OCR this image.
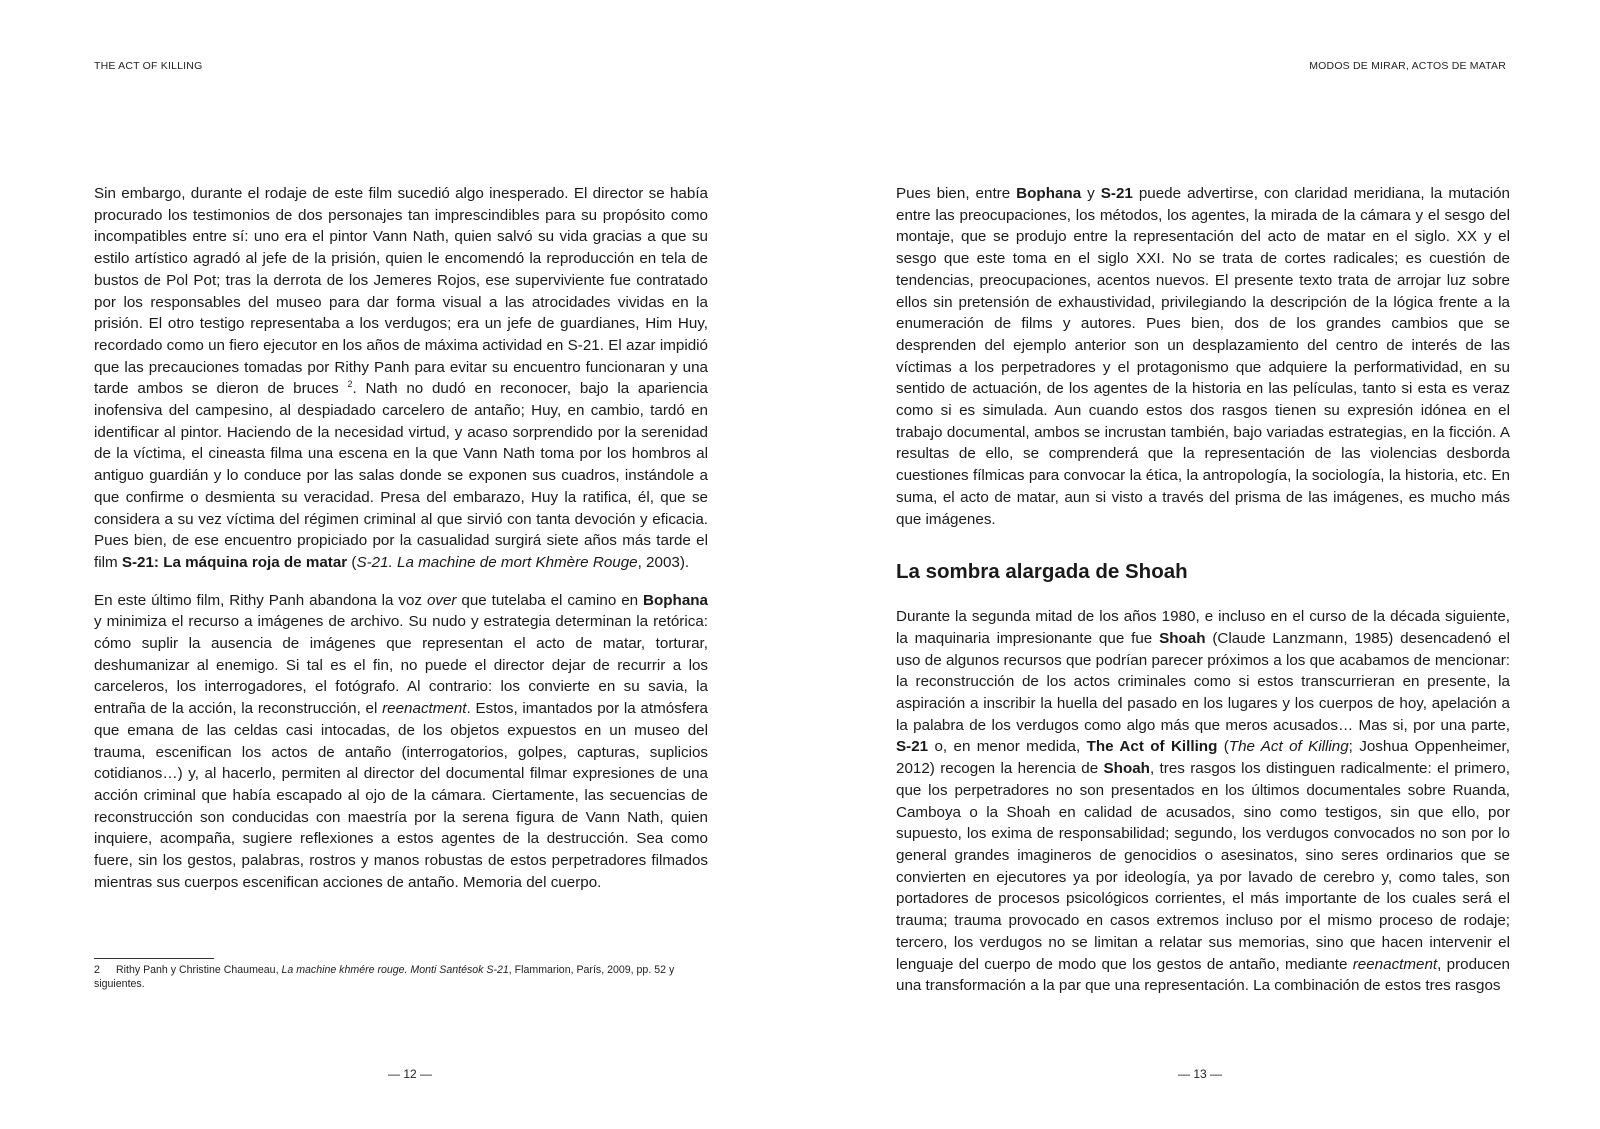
THE ACT OF KILLING

Sin embargo, durante el rodaje de este film sucedió algo inesperado. El director se había procurado los testimonios de dos personajes tan imprescindibles para su propósito como incompatibles entre sí: uno era el pintor Vann Nath, quien salvó su vida gracias a que su estilo artístico agradó al jefe de la prisión, quien le encomendó la reproducción en tela de bustos de Pol Pot; tras la derrota de los Jemeres Rojos, ese superviviente fue contratado por los responsables del museo para dar forma visual a las atrocidades vividas en la prisión. El otro testigo representaba a los verdugos; era un jefe de guardianes, Him Huy, recordado como un fiero ejecutor en los años de máxima actividad en S-21. El azar impidió que las precauciones tomadas por Rithy Panh para evitar su encuentro funcionaran y una tarde ambos se dieron de bruces $^2$. Nath no dudó en reconocer, bajo la apariencia inofensiva del campesino, al despiadado carcelero de antaño; Huy, en cambio, tardó en identificar al pintor. Haciendo de la necesidad virtud, y acaso sorprendido por la serenidad de la víctima, el cineasta filma una escena en la que Vann Nath toma por los hombros al antiguo guardián y lo conduce por las salas donde se exponen sus cuadros, instándole a que confirme o desmienta su veracidad. Presa del embarazo, Huy la ratifica, él, que se considera a su vez víctima del régimen criminal al que sirvió con tanta devoción y eficacia. Pues bien, de ese encuentro propiciado por la casualidad surgirá siete años más tarde el film S-21: La máquina roja de matar (S-21. La machine de mort Khmère Rouge, 2003).

En este último film, Rithy Panh abandona la voz over que tutelaba el camino en Bophana y minimiza el recurso a imágenes de archivo. Su nudo y estrategia determinan la retórica: cómo suplir la ausencia de imágenes que representan el acto de matar, torturar, deshumanizar al enemigo. Si tal es el fin, no puede el director dejar de recurrir a los carceleros, los interrogadores, el fotógrafo. Al contrario: los convierte en su savia, la entraña de la acción, la reconstrucción, el reenactment. Estos, imantados por la atmósfera que emana de las celdas casi intocadas, de los objetos expuestos en un museo del trauma, escenifican los actos de antaño (interrogatorios, golpes, capturas, suplicios cotidianos…) y, al hacerlo, permiten al director del documental filmar expresiones de una acción criminal que había escapado al ojo de la cámara. Ciertamente, las secuencias de reconstrucción son conducidas con maestría por la serena figura de Vann Nath, quien inquiere, acompaña, sugiere reflexiones a estos agentes de la destrucción. Sea como fuere, sin los gestos, palabras, rostros y manos robustas de estos perpetradores filmados mientras sus cuerpos escenifican acciones de antaño. Memoria del cuerpo.

2 Rithy Panh y Christine Chaumeau, La machine khmére rouge. Monti Santésok S-21, Flammarion, París, 2009, pp. 52 y siguientes.
— 12 —
MODOS DE MIRAR, ACTOS DE MATAR

Pues bien, entre Bophana y S-21 puede advertirse, con claridad meridiana, la mutación entre las preocupaciones, los métodos, los agentes, la mirada de la cámara y el sesgo del montaje, que se produjo entre la representación del acto de matar en el siglo. XX y el sesgo que este toma en el siglo XXI. No se trata de cortes radicales; es cuestión de tendencias, preocupaciones, acentos nuevos. El presente texto trata de arrojar luz sobre ellos sin pretensión de exhaustividad, privilegiando la descripción de la lógica frente a la enumeración de films y autores. Pues bien, dos de los grandes cambios que se desprenden del ejemplo anterior son un desplazamiento del centro de interés de las víctimas a los perpetradores y el protagonismo que adquiere la performatividad, en su sentido de actuación, de los agentes de la historia en las películas, tanto si esta es veraz como si es simulada. Aun cuando estos dos rasgos tienen su expresión idónea en el trabajo documental, ambos se incrustan también, bajo variadas estrategias, en la ficción. A resultas de ello, se comprenderá que la representación de las violencias desborda cuestiones fílmicas para convocar la ética, la antropología, la sociología, la historia, etc. En suma, el acto de matar, aun si visto a través del prisma de las imágenes, es mucho más que imágenes.

La sombra alargada de Shoah

Durante la segunda mitad de los años 1980, e incluso en el curso de la década siguiente, la maquinaria impresionante que fue Shoah (Claude Lanzmann, 1985) desencadenó el uso de algunos recursos que podrían parecer próximos a los que acabamos de mencionar: la reconstrucción de los actos criminales como si estos transcurrieran en presente, la aspiración a inscribir la huella del pasado en los lugares y los cuerpos de hoy, apelación a la palabra de los verdugos como algo más que meros acusados… Mas si, por una parte, S-21 o, en menor medida, The Act of Killing (The Act of Killing; Joshua Oppenheimer, 2012) recogen la herencia de Shoah, tres rasgos los distinguen radicalmente: el primero, que los perpetradores no son presentados en los últimos documentales sobre Ruanda, Camboya o la Shoah en calidad de acusados, sino como testigos, sin que ello, por supuesto, los exima de responsabilidad; segundo, los verdugos convocados no son por lo general grandes imagineros de genocidios o asesinatos, sino seres ordinarios que se convierten en ejecutores ya por ideología, ya por lavado de cerebro y, como tales, son portadores de procesos psicológicos corrientes, el más importante de los cuales será el trauma; trauma provocado en casos extremos incluso por el mismo proceso de rodaje; tercero, los verdugos no se limitan a relatar sus memorias, sino que hacen intervenir el lenguaje del cuerpo de modo que los gestos de antaño, mediante reenactment, producen una transformación a la par que una representación. La combinación de estos tres rasgos

— 13 —
